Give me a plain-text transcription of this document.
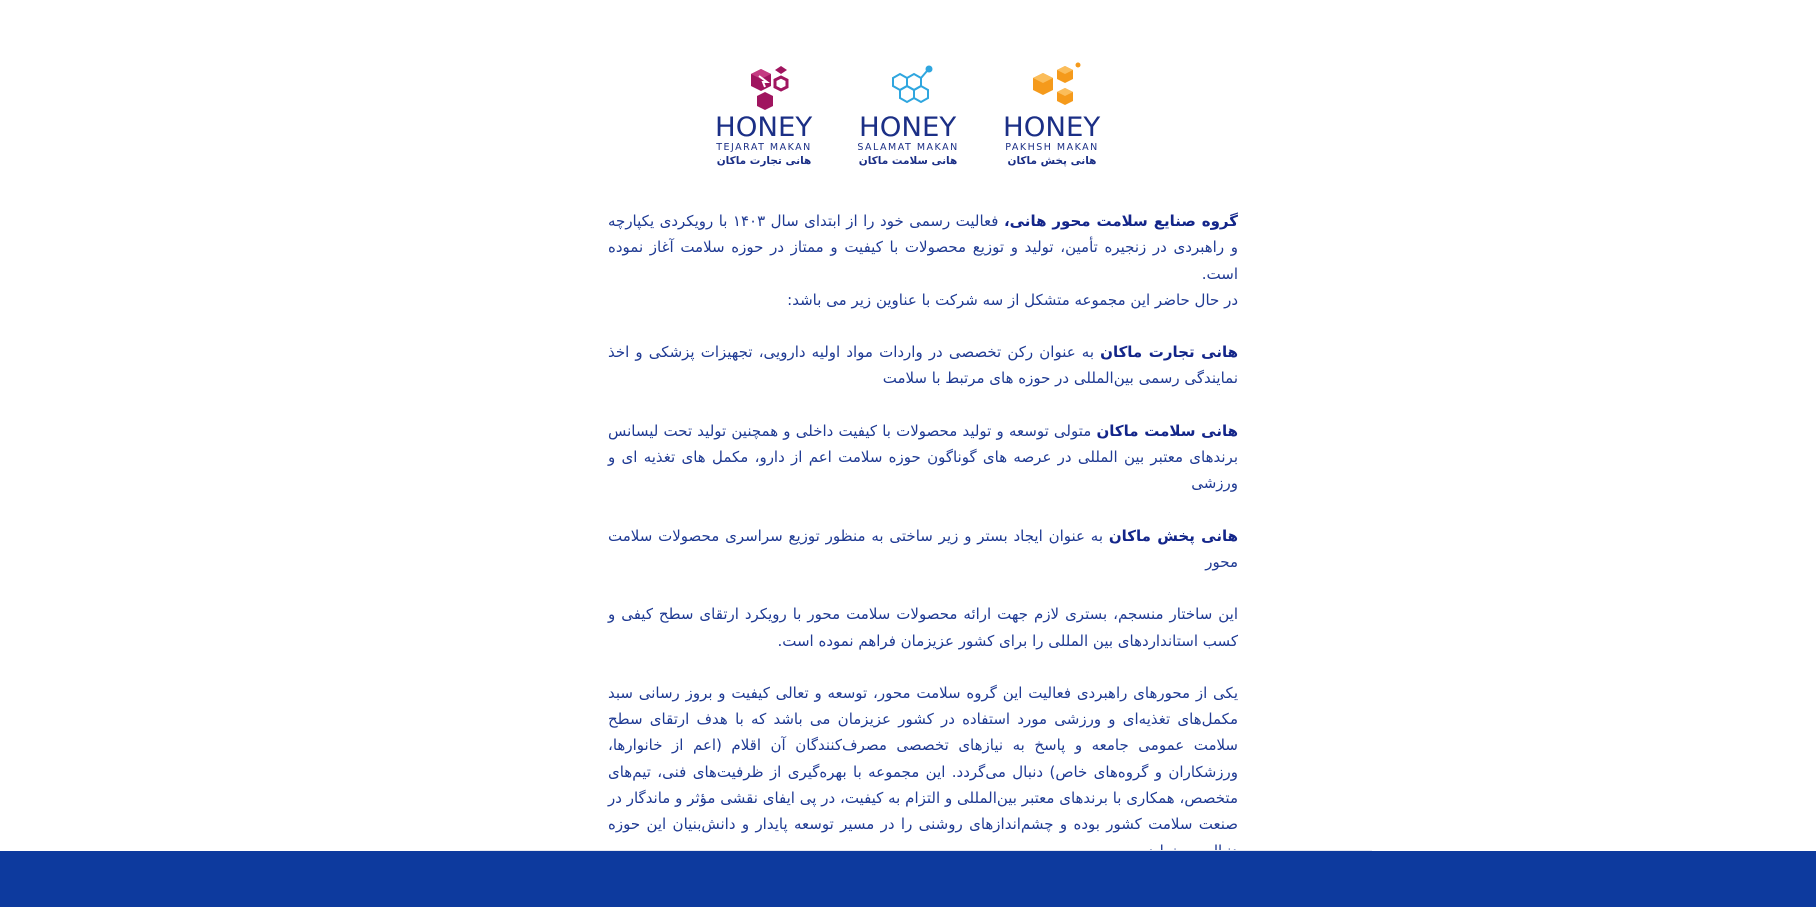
HONEY
TEJARAT MAKAN
هانی تجارت ماکان
HONEY
SALAMAT MAKAN
هانی سلامت ماکان
HONEY
PAKHSH MAKAN
هانی پخش ماکان

گروه صنایع سلامت محور هانی، فعالیت رسمی خود را از ابتدای سال ۱۴۰۳ با رویکردی یکپارچه و راهبردی در زنجیره تأمین، تولید و توزیع محصولات با کیفیت و ممتاز در حوزه سلامت آغاز نموده است.

در حال حاضر این مجموعه متشکل از سه شرکت با عناوین زیر می باشد:

هانی تجارت ماکان به عنوان رکن تخصصی در واردات مواد اولیه دارویی، تجهیزات پزشکی و اخذ نمایندگی رسمی بین‌المللی در حوزه های مرتبط با سلامت

هانی سلامت ماکان متولی توسعه و تولید محصولات با کیفیت داخلی و همچنین تولید تحت لیسانس برندهای معتبر بین المللی در عرصه های گوناگون حوزه سلامت اعم از دارو، مکمل های تغذیه ای و ورزشی

هانی پخش ماکان به عنوان ایجاد بستر و زیر ساختی به منظور توزیع سراسری محصولات سلامت محور

این ساختار منسجم، بستری لازم جهت ارائه محصولات سلامت محور با رویکرد ارتقای سطح کیفی و کسب استانداردهای بین المللی را برای کشور عزیزمان فراهم نموده است.

یکی از محورهای راهبردی فعالیت این گروه سلامت محور، توسعه و تعالی کیفیت و بروز رسانی سبد مکمل‌های تغذیه‌ای و ورزشی مورد استفاده در کشور عزیزمان می باشد که با هدف ارتقای سطح سلامت عمومی جامعه و پاسخ به نیازهای تخصصی مصرف‌کنندگان آن اقلام (اعم از خانوارها، ورزشکاران و گروه‌های خاص) دنبال می‌گردد. این مجموعه با بهره‌گیری از ظرفیت‌های فنی، تیم‌های متخصص، همکاری با برندهای معتبر بین‌المللی و التزام به کیفیت، در پی ایفای نقشی مؤثر و ماندگار در صنعت سلامت کشور بوده و چشم‌اندازهای روشنی را در مسیر توسعه پایدار و دانش‌بنیان این حوزه
